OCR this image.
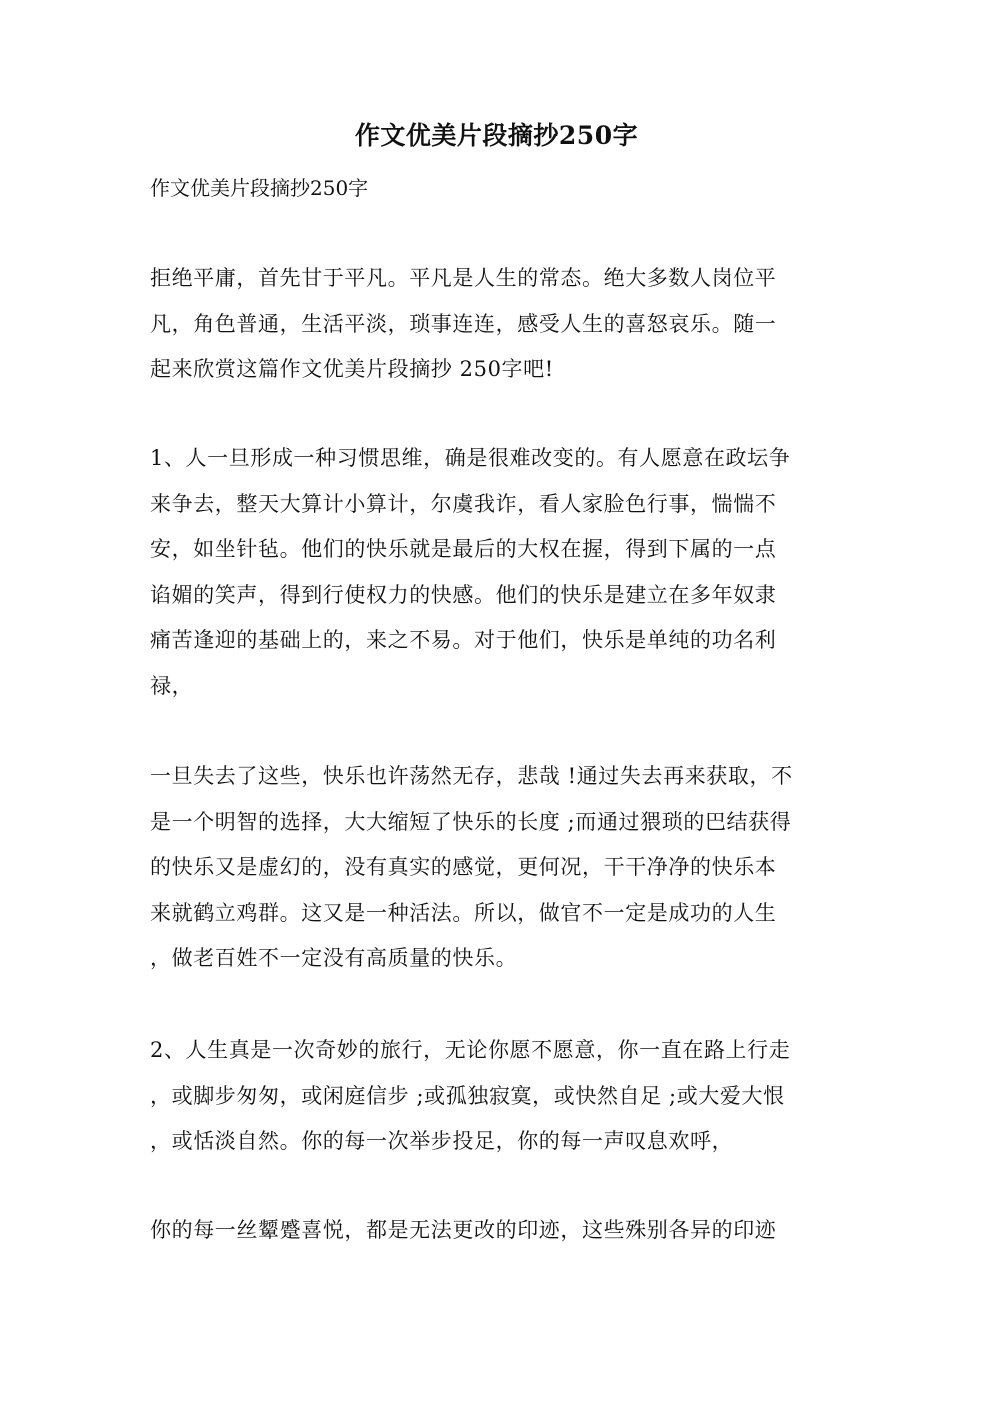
作文优美片段摘抄250字
作文优美片段摘抄250字

拒绝平庸，首先甘于平凡。平凡是人生的常态。绝大多数人岗位平
凡，角色普通，生活平淡，琐事连连，感受人生的喜怒哀乐。随一
起来欣赏这篇作文优美片段摘抄 250字吧!

1、人一旦形成一种习惯思维，确是很难改变的。有人愿意在政坛争
来争去，整天大算计小算计，尔虞我诈，看人家脸色行事，惴惴不
安，如坐针毡。他们的快乐就是最后的大权在握，得到下属的一点
谄媚的笑声，得到行使权力的快感。他们的快乐是建立在多年奴隶
痛苦逢迎的基础上的，来之不易。对于他们，快乐是单纯的功名利
禄，

一旦失去了这些，快乐也许荡然无存，悲哉 !通过失去再来获取，不
是一个明智的选择，大大缩短了快乐的长度 ;而通过猥琐的巴结获得
的快乐又是虚幻的，没有真实的感觉，更何况，干干净净的快乐本
来就鹤立鸡群。这又是一种活法。所以，做官不一定是成功的人生
，做老百姓不一定没有高质量的快乐。

2、人生真是一次奇妙的旅行，无论你愿不愿意，你一直在路上行走
，或脚步匆匆，或闲庭信步 ;或孤独寂寞，或快然自足 ;或大爱大恨
，或恬淡自然。你的每一次举步投足，你的每一声叹息欢呼，

你的每一丝颦蹙喜悦，都是无法更改的印迹，这些殊别各异的印迹
